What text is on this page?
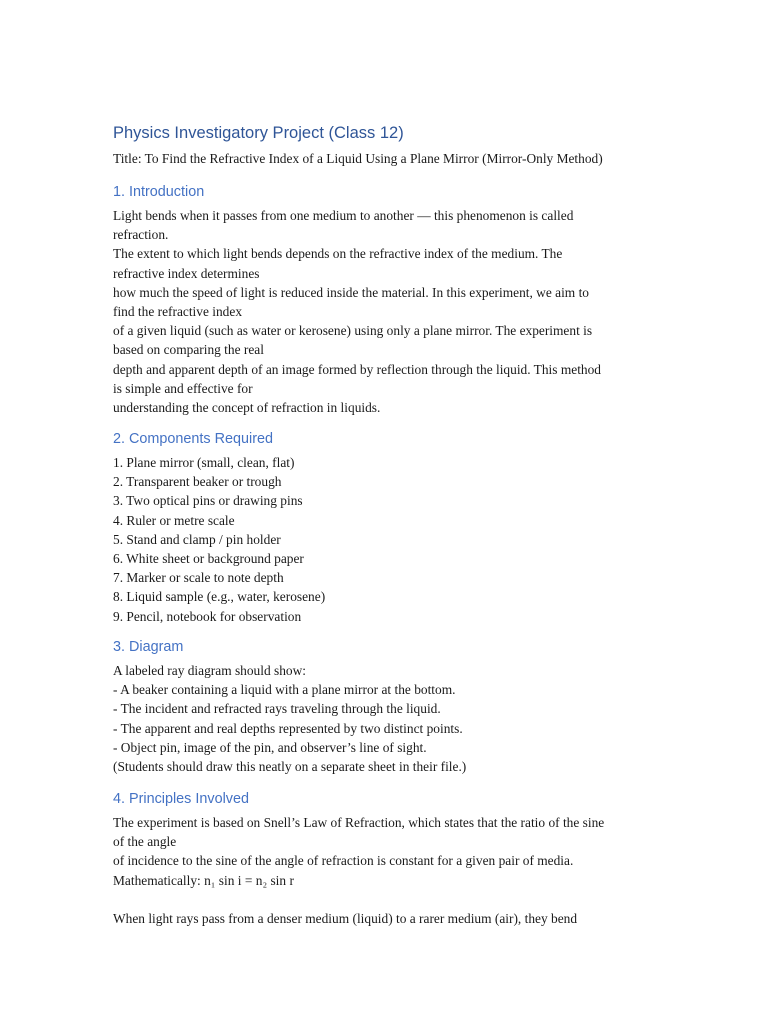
Physics Investigatory Project (Class 12)
Title: To Find the Refractive Index of a Liquid Using a Plane Mirror (Mirror-Only Method)
1. Introduction
Light bends when it passes from one medium to another — this phenomenon is called
refraction.
The extent to which light bends depends on the refractive index of the medium. The
refractive index determines
how much the speed of light is reduced inside the material. In this experiment, we aim to
find the refractive index
of a given liquid (such as water or kerosene) using only a plane mirror. The experiment is
based on comparing the real
depth and apparent depth of an image formed by reflection through the liquid. This method
is simple and effective for
understanding the concept of refraction in liquids.
2. Components Required
1. Plane mirror (small, clean, flat)
2. Transparent beaker or trough
3. Two optical pins or drawing pins
4. Ruler or metre scale
5. Stand and clamp / pin holder
6. White sheet or background paper
7. Marker or scale to note depth
8. Liquid sample (e.g., water, kerosene)
9. Pencil, notebook for observation
3. Diagram
A labeled ray diagram should show:
- A beaker containing a liquid with a plane mirror at the bottom.
- The incident and refracted rays traveling through the liquid.
- The apparent and real depths represented by two distinct points.
- Object pin, image of the pin, and observer’s line of sight.
(Students should draw this neatly on a separate sheet in their file.)
4. Principles Involved
The experiment is based on Snell’s Law of Refraction, which states that the ratio of the sine
of the angle
of incidence to the sine of the angle of refraction is constant for a given pair of media.
Mathematically: n₁ sin i = n₂ sin r
When light rays pass from a denser medium (liquid) to a rarer medium (air), they bend
